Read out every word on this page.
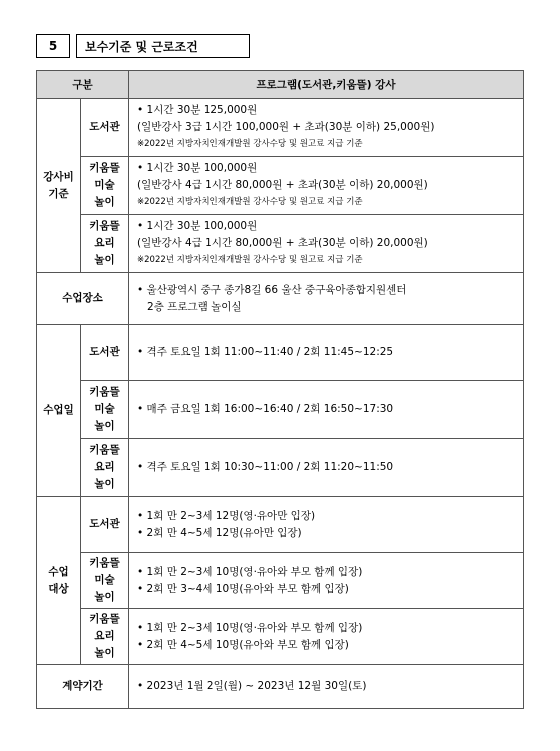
5	보수기준 및 근로조건
구분		프로그램(도서관,키움뜰) 강사
강사비
기준	도서관	• 1시간 30분 125,000원
(일반강사 3급 1시간 100,000원 + 초과(30분 이하) 25,000원)
※2022년 지방자치인재개발원 강사수당 및 원고료 지급 기준

	키움뜰
미술
놀이	• 1시간 30분 100,000원
(일반강사 4급 1시간 80,000원 + 초과(30분 이하) 20,000원)
※2022년 지방자치인재개발원 강사수당 및 원고료 지급 기준

	키움뜰
요리
놀이	• 1시간 30분 100,000원
(일반강사 4급 1시간 80,000원 + 초과(30분 이하) 20,000원)
※2022년 지방자치인재개발원 강사수당 및 원고료 지급 기준

수업장소		• 울산광역시 중구 종가8길 66 울산 중구육아종합지원센터
2층 프로그램 놀이실

수업일	도서관	• 격주 토요일 1회 11:00~11:40 / 2회 11:45~12:25
	키움뜰
미술
놀이	• 매주 금요일 1회 16:00~16:40 / 2회 16:50~17:30
	키움뜰
요리
놀이	• 격주 토요일 1회 10:30~11:00 / 2회 11:20~11:50
수업
대상	도서관	• 1회 만 2~3세 12명(영·유아만 입장)
• 2회 만 4~5세 12명(유아만 입장)

	키움뜰
미술
놀이	• 1회 만 2~3세 10명(영·유아와 부모 함께 입장)
• 2회 만 3~4세 10명(유아와 부모 함께 입장)

	키움뜰
요리
놀이	• 1회 만 2~3세 10명(영·유아와 부모 함께 입장)
• 2회 만 4~5세 10명(유아와 부모 함께 입장)

계약기간		• 2023년 1월 2일(월) ~ 2023년 12월 30일(토)
